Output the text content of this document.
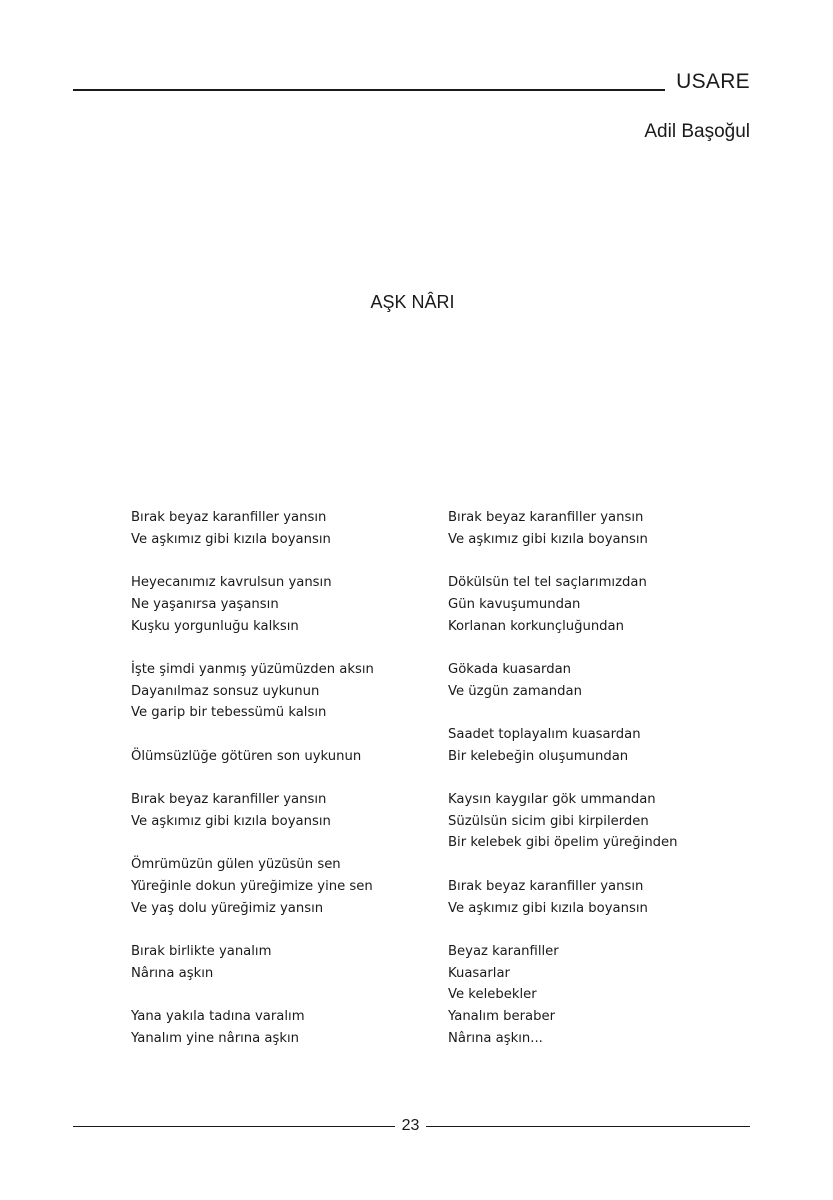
USARE
Adil Başoğul
AŞK NÂRI
Bırak beyaz karanfiller yansın
Ve aşkımız gibi kızıla boyansın
Heyecanımız kavrulsun yansın
Ne yaşanırsa yaşansın
Kuşku yorgunluğu kalksın
İşte şimdi yanmış yüzümüzden aksın
Dayanılmaz sonsuz uykunun
Ve garip bir tebessümü kalsın
Ölümsüzlüğe götüren son uykunun
Bırak beyaz karanfiller yansın
Ve aşkımız gibi kızıla boyansın
Ömrümüzün gülen yüzüsün sen
Yüreğinle dokun yüreğimize yine sen
Ve yaş dolu yüreğimiz yansın
Bırak birlikte yanalım
Nârına aşkın
Yana yakıla tadına varalım
Yanalım yine nârına aşkın
Bırak beyaz karanfiller yansın
Ve aşkımız gibi kızıla boyansın
Dökülsün tel tel saçlarımızdan
Gün kavuşumundan
Korlanan korkunçluğundan
Gökada kuasardan
Ve üzgün zamandan
Saadet toplayalım kuasardan
Bir kelebeğin oluşumundan
Kaysın kaygılar gök ummandan
Süzülsün sicim gibi kirpilerden
Bir kelebek gibi öpelim yüreğinden
Bırak beyaz karanfiller yansın
Ve aşkımız gibi kızıla boyansın
Beyaz karanfiller
Kuasarlar
Ve kelebekler
Yanalım beraber
Nârına aşkın...
23
